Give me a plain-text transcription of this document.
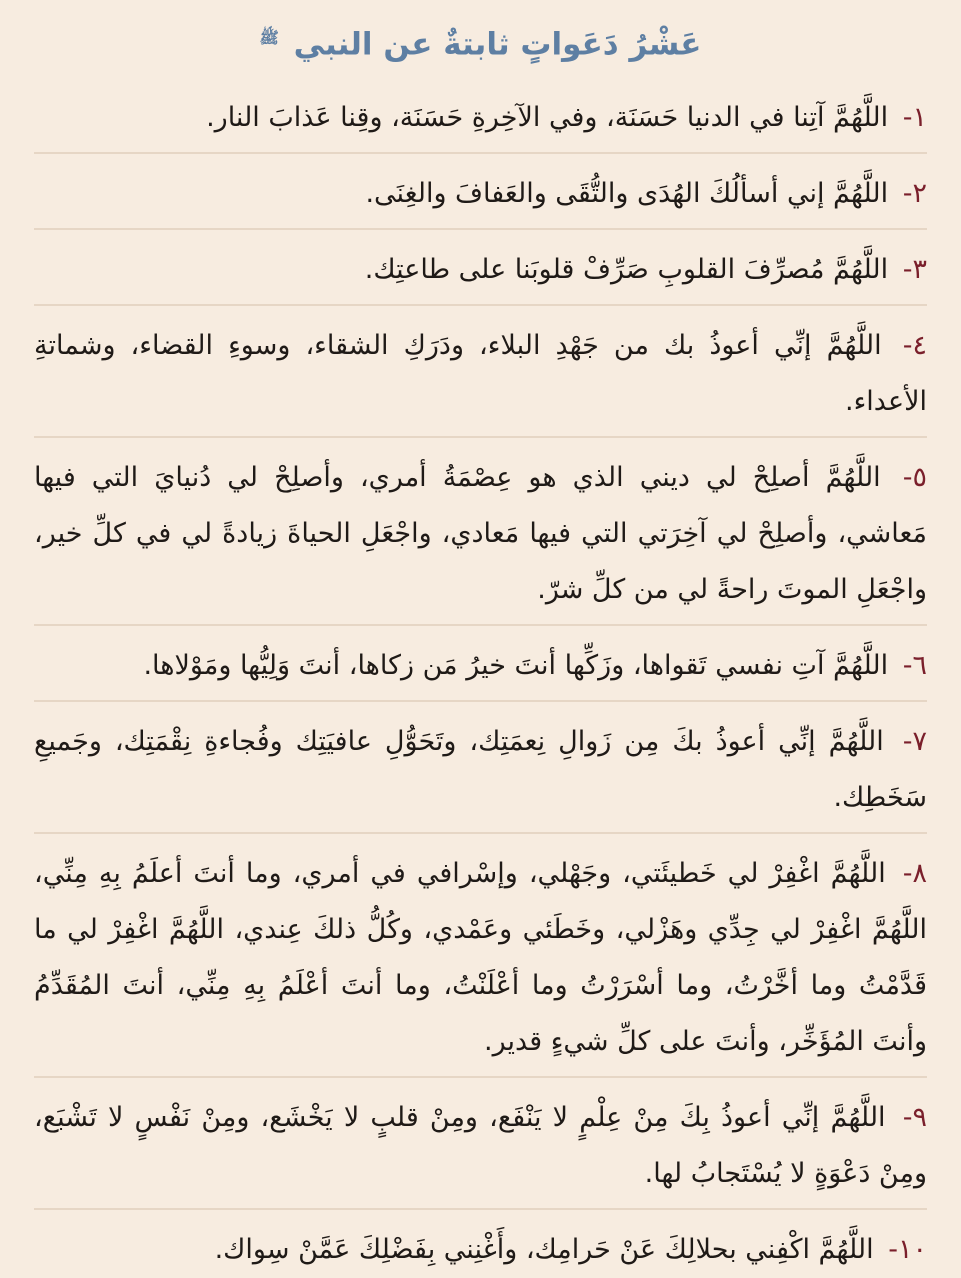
عَشْرُ دَعَواتٍ ثابتةٌ عن النبي $^ﷺ$

١- اللَّهُمَّ آتِنا في الدنيا حَسَنَة، وفي الآخِرةِ حَسَنَة، وقِنا عَذابَ النار.

٢- اللَّهُمَّ إني أسألُكَ الهُدَى والتُّقَى والعَفافَ والغِنَى.

٣- اللَّهُمَّ مُصرِّفَ القلوبِ صَرِّفْ قلوبَنا على طاعتِك.

٤- اللَّهُمَّ إنِّي أعوذُ بك من جَهْدِ البلاء، ودَرَكِ الشقاء، وسوءِ القضاء، وشماتةِ الأعداء.

٥- اللَّهُمَّ أصلِحْ لي ديني الذي هو عِصْمَةُ أمري، وأصلِحْ لي دُنيايَ التي فيها مَعاشي، وأصلِحْ لي آخِرَتي التي فيها مَعادي، واجْعَلِ الحياةَ زيادةً لي في كلِّ خير، واجْعَلِ الموتَ راحةً لي من كلِّ شرّ.

٦- اللَّهُمَّ آتِ نفسي تَقواها، وزَكِّها أنتَ خيرُ مَن زكاها، أنتَ وَلِيُّها ومَوْلاها.

٧- اللَّهُمَّ إنِّي أعوذُ بكَ مِن زَوالِ نِعمَتِك، وتَحَوُّلِ عافيَتِك وفُجاءةِ نِقْمَتِك، وجَميعِ سَخَطِك.

٨- اللَّهُمَّ اغْفِرْ لي خَطيئَتي، وجَهْلي، وإسْرافي في أمري، وما أنتَ أعلَمُ بِهِ مِنِّي، اللَّهُمَّ اغْفِرْ لي جِدِّي وهَزْلي، وخَطَئي وعَمْدي، وكُلُّ ذلكَ عِندي، اللَّهُمَّ اغْفِرْ لي ما قَدَّمْتُ وما أخَّرْتُ، وما أسْرَرْتُ وما أعْلَنْتُ، وما أنتَ أعْلَمُ بِهِ مِنِّي، أنتَ المُقَدِّمُ وأنتَ المُؤَخِّر، وأنتَ على كلِّ شيءٍ قدير.

٩- اللَّهُمَّ إنِّي أعوذُ بِكَ مِنْ عِلْمٍ لا يَنْفَع، ومِنْ قلبٍ لا يَخْشَع، ومِنْ نَفْسٍ لا تَشْبَع، ومِنْ دَعْوَةٍ لا يُسْتَجابُ لها.

١٠- اللَّهُمَّ اكْفِني بحلالِكَ عَنْ حَرامِك، وأَغْنِني بِفَضْلِكَ عَمَّنْ سِواك.
